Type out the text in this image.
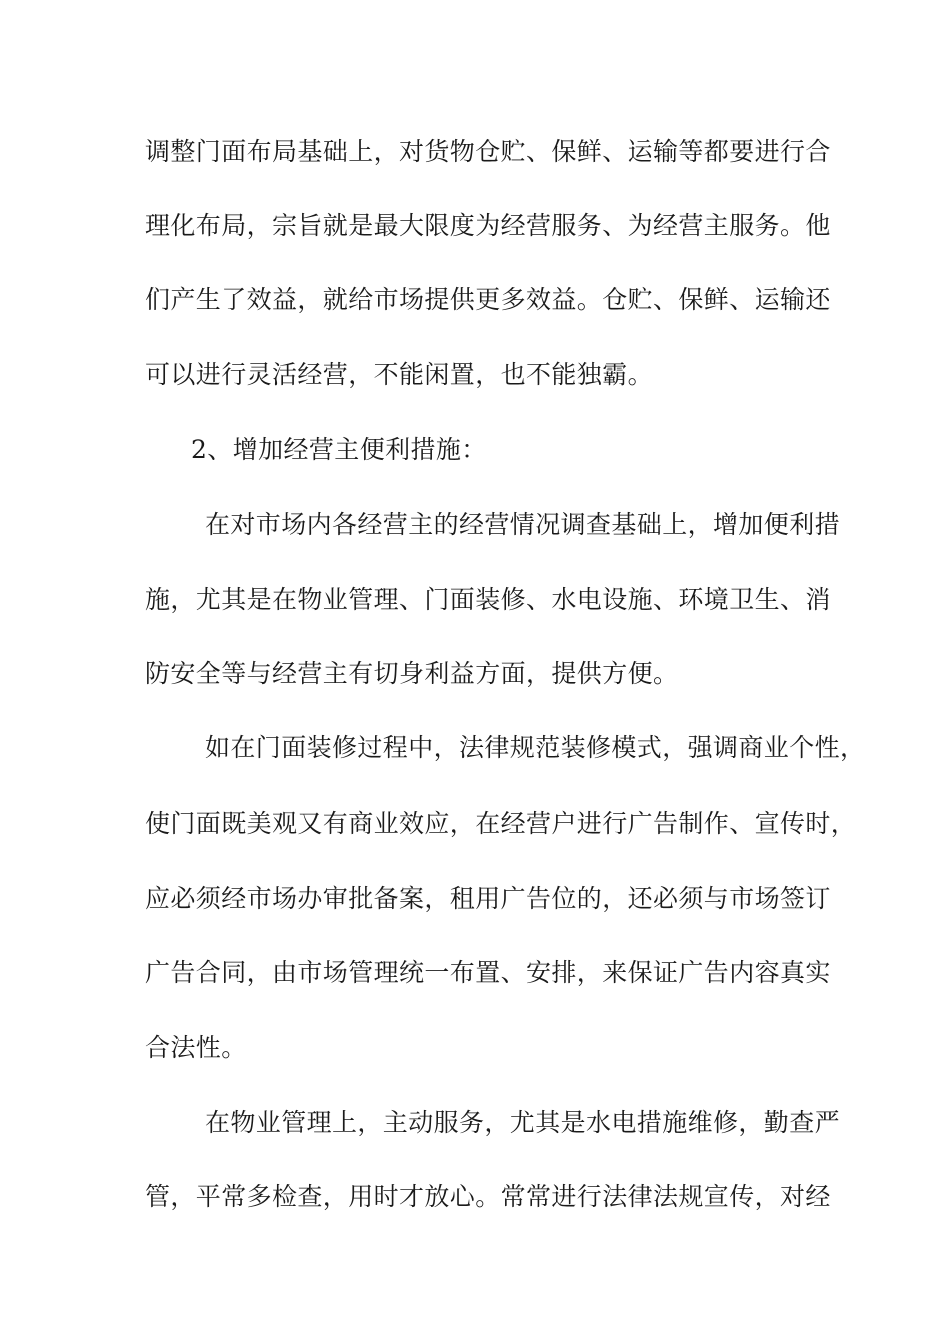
调整门面布局基础上，对货物仓贮、保鲜、运输等都要进行合
理化布局，宗旨就是最大限度为经营服务、为经营主服务。他
们产生了效益，就给市场提供更多效益。仓贮、保鲜、运输还
可以进行灵活经营，不能闲置，也不能独霸。
2、增加经营主便利措施：
在对市场内各经营主的经营情况调查基础上，增加便利措
施，尤其是在物业管理、门面装修、水电设施、环境卫生、消
防安全等与经营主有切身利益方面，提供方便。
如在门面装修过程中，法律规范装修模式，强调商业个性，
使门面既美观又有商业效应，在经营户进行广告制作、宣传时，
应必须经市场办审批备案，租用广告位的，还必须与市场签订
广告合同，由市场管理统一布置、安排，来保证广告内容真实
合法性。
在物业管理上，主动服务，尤其是水电措施维修，勤查严
管，平常多检查，用时才放心。常常进行法律法规宣传，对经
